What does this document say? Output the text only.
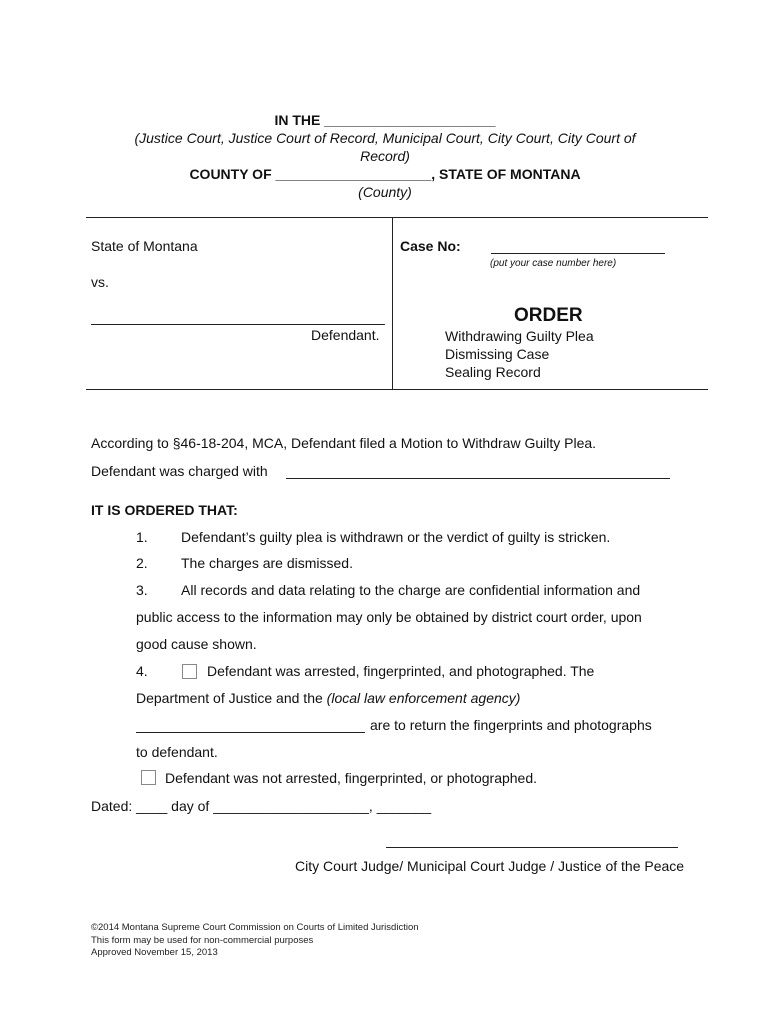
IN THE ______________________
(Justice Court, Justice Court of Record, Municipal Court, City Court, City Court of
Record)
COUNTY OF ____________________, STATE OF MONTANA
(County)
State of Montana
vs.
Defendant.
Case No:
(put your case number here)
ORDER
Withdrawing Guilty Plea
Dismissing Case
Sealing Record
According to §46-18-204, MCA, Defendant filed a Motion to Withdraw Guilty Plea.
Defendant was charged with
IT IS ORDERED THAT:
1. Defendant’s guilty plea is withdrawn or the verdict of guilty is stricken.
2. The charges are dismissed.
3. All records and data relating to the charge are confidential information and
public access to the information may only be obtained by district court order, upon
good cause shown.
4.	Defendant was arrested, fingerprinted, and photographed. The
Department of Justice and the (local law enforcement agency)
are to return the fingerprints and photographs
to defendant.
Defendant was not arrested, fingerprinted, or photographed.
Dated: ____ day of ____________________, _______
City Court Judge/ Municipal Court Judge / Justice of the Peace
©2014 Montana Supreme Court Commission on Courts of Limited Jurisdiction
This form may be used for non-commercial purposes
Approved November 15, 2013
